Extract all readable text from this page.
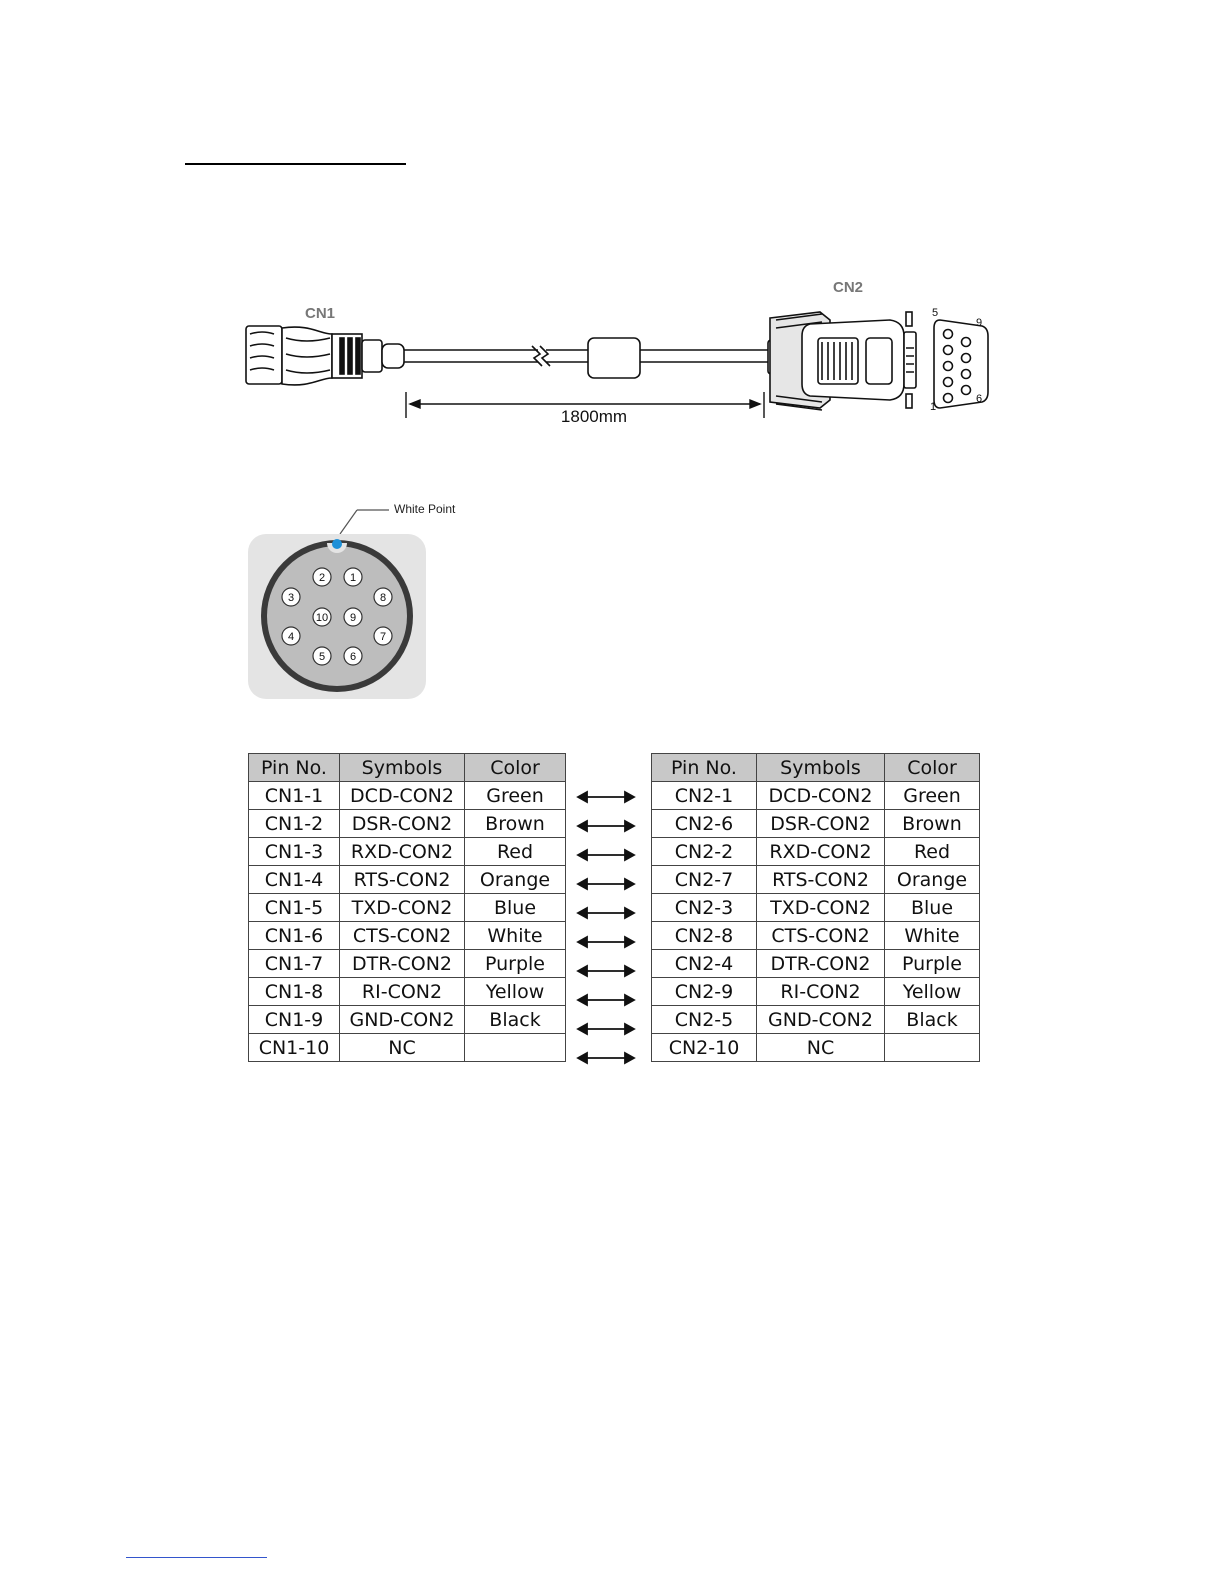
1800mm
5
9
1
6
CN1
CN2
White Point
1
2
3
4
5 6
7
8
9
10
Pin No.	Symbols	Color
CN1-1	DCD-CON2	Green
CN1-2	DSR-CON2	Brown
CN1-3	RXD-CON2	Red
CN1-4	RTS-CON2	Orange
CN1-5	TXD-CON2	Blue
CN1-6	CTS-CON2	White
CN1-7	DTR-CON2	Purple
CN1-8	RI-CON2	Yellow
CN1-9	GND-CON2	Black
CN1-10	NC	
Pin No.	Symbols	Color
CN2-1	DCD-CON2	Green
CN2-6	DSR-CON2	Brown
CN2-2	RXD-CON2	Red
CN2-7	RTS-CON2	Orange
CN2-3	TXD-CON2	Blue
CN2-8	CTS-CON2	White
CN2-4	DTR-CON2	Purple
CN2-9	RI-CON2	Yellow
CN2-5	GND-CON2	Black
CN2-10	NC	
